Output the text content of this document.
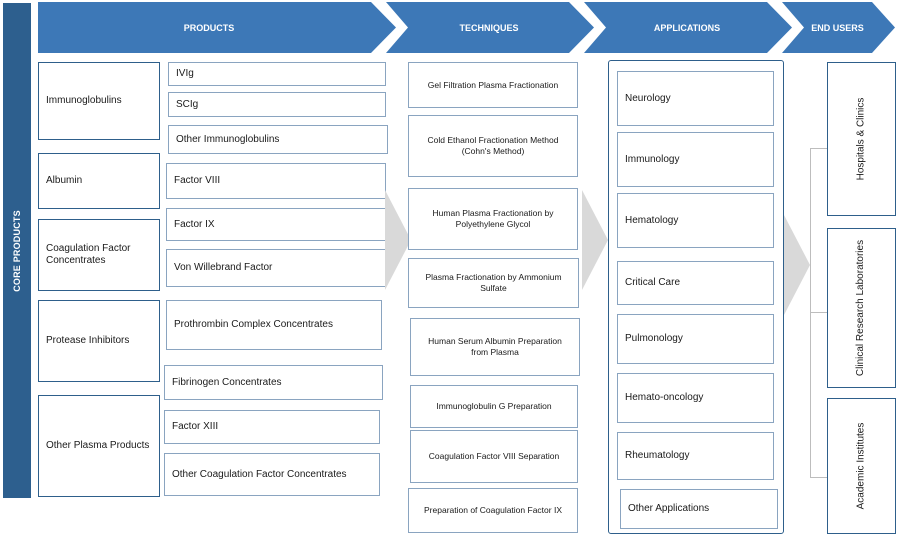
CORE PRODUCTS
PRODUCTS	TECHNIQUES	APPLICATIONS	END USERS
Immunoglobulins
Albumin
Coagulation Factor Concentrates
Protease Inhibitors
Other Plasma Products
IVIg
SCIg
Other Immunoglobulins
Factor VIII
Factor IX
Von Willebrand Factor
Prothrombin Complex Concentrates
Fibrinogen Concentrates
Factor XIII
Other Coagulation Factor Concentrates
Gel Filtration Plasma Fractionation
Cold Ethanol Fractionation Method (Cohn's Method)
Human Plasma Fractionation by Polyethylene Glycol
Plasma Fractionation by Ammonium Sulfate
Human Serum Albumin Preparation from Plasma
Immunoglobulin G Preparation
Coagulation Factor VIII Separation
Preparation of Coagulation Factor IX
Neurology
Immunology
Hematology
Critical Care
Pulmonology
Hemato-oncology
Rheumatology
Other Applications
Hospitals & Clinics
Clinical Research Laboratories
Academic Institutes
